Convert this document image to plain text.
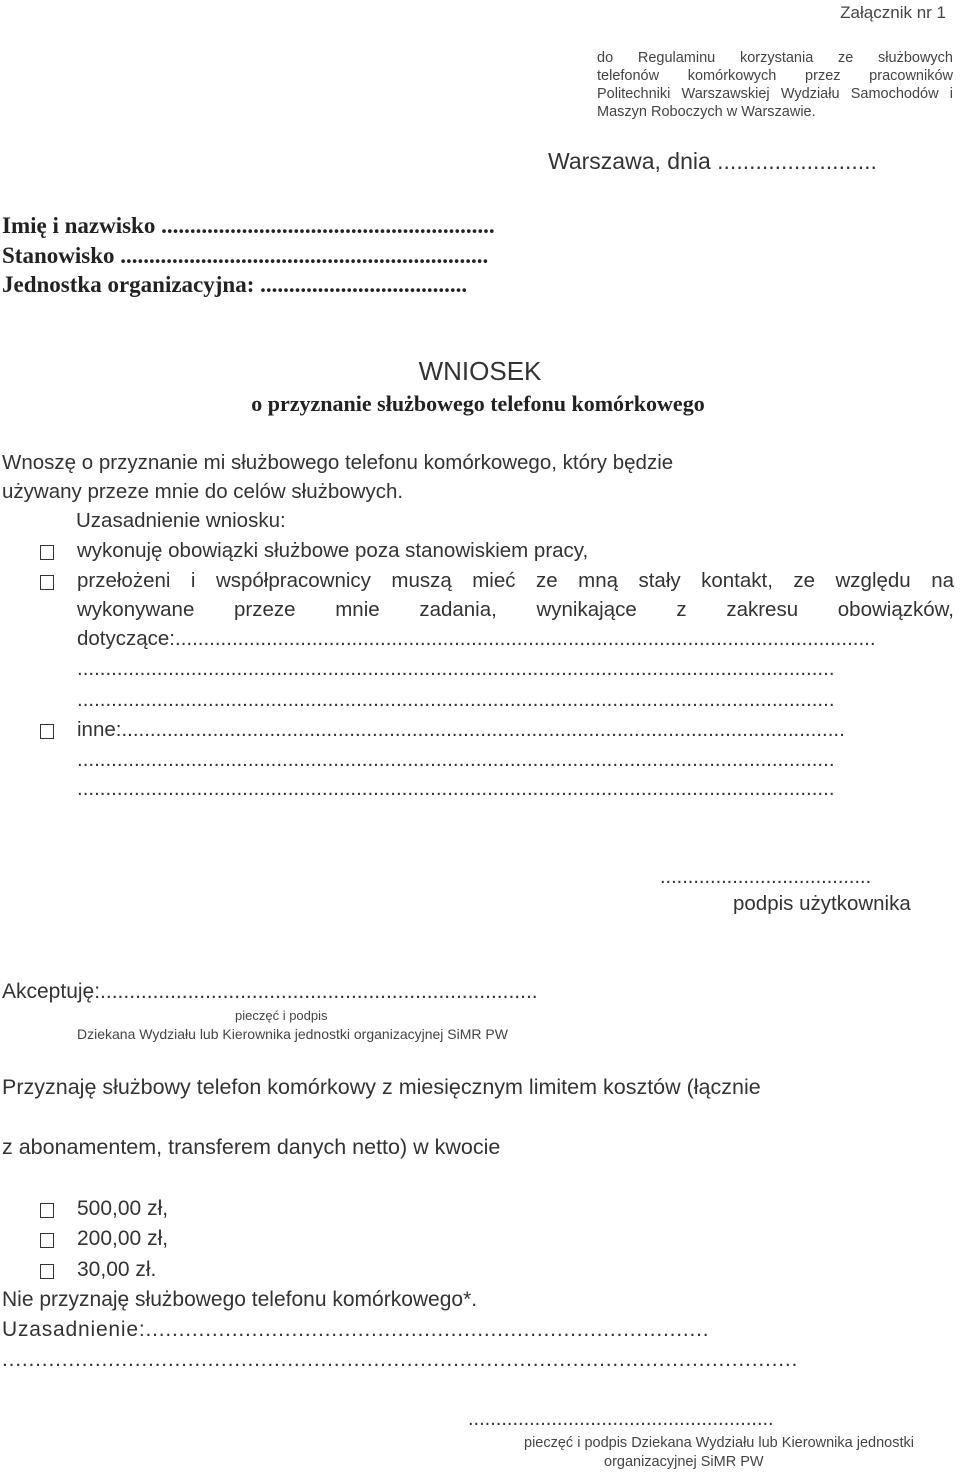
Załącznik nr 1
do Regulaminu korzystania ze służbowych
telefonów komórkowych przez pracowników
Politechniki Warszawskiej Wydziału Samochodów i
Maszyn Roboczych w Warszawie.
Warszawa, dnia .........................
Imię i nazwisko ..........................................................
Stanowisko ................................................................
Jednostka organizacyjna: ....................................
WNIOSEK
o przyznanie służbowego telefonu komórkowego
Wnoszę o przyznanie mi służbowego telefonu komórkowego, który będzie
używany przeze mnie do celów służbowych.
Uzasadnienie wniosku:
wykonuję obowiązki służbowe poza stanowiskiem pracy,
przełożeni i współpracownicy muszą mieć ze mną stały kontakt, ze względu na
wykonywane przeze mnie zadania, wynikające z zakresu obowiązków,
dotyczące:...........................................................................................................................
.....................................................................................................................................
.....................................................................................................................................
inne:...............................................................................................................................
.....................................................................................................................................
.....................................................................................................................................
......................................
podpis użytkownika
Akceptuję:...........................................................................
pieczęć i podpis
Dziekana Wydziału lub Kierownika jednostki organizacyjnej SiMR PW
Przyznaję służbowy telefon komórkowy z miesięcznym limitem kosztów (łącznie
z abonamentem, transferem danych netto) w kwocie
500,00 zł,
200,00 zł,
30,00 zł.
Nie przyznaję służbowego telefonu komórkowego*.
Uzasadnienie:.....................................................................................
........................................................................................................................
.......................................................
pieczęć i podpis Dziekana Wydziału lub Kierownika jednostki
organizacyjnej SiMR PW
